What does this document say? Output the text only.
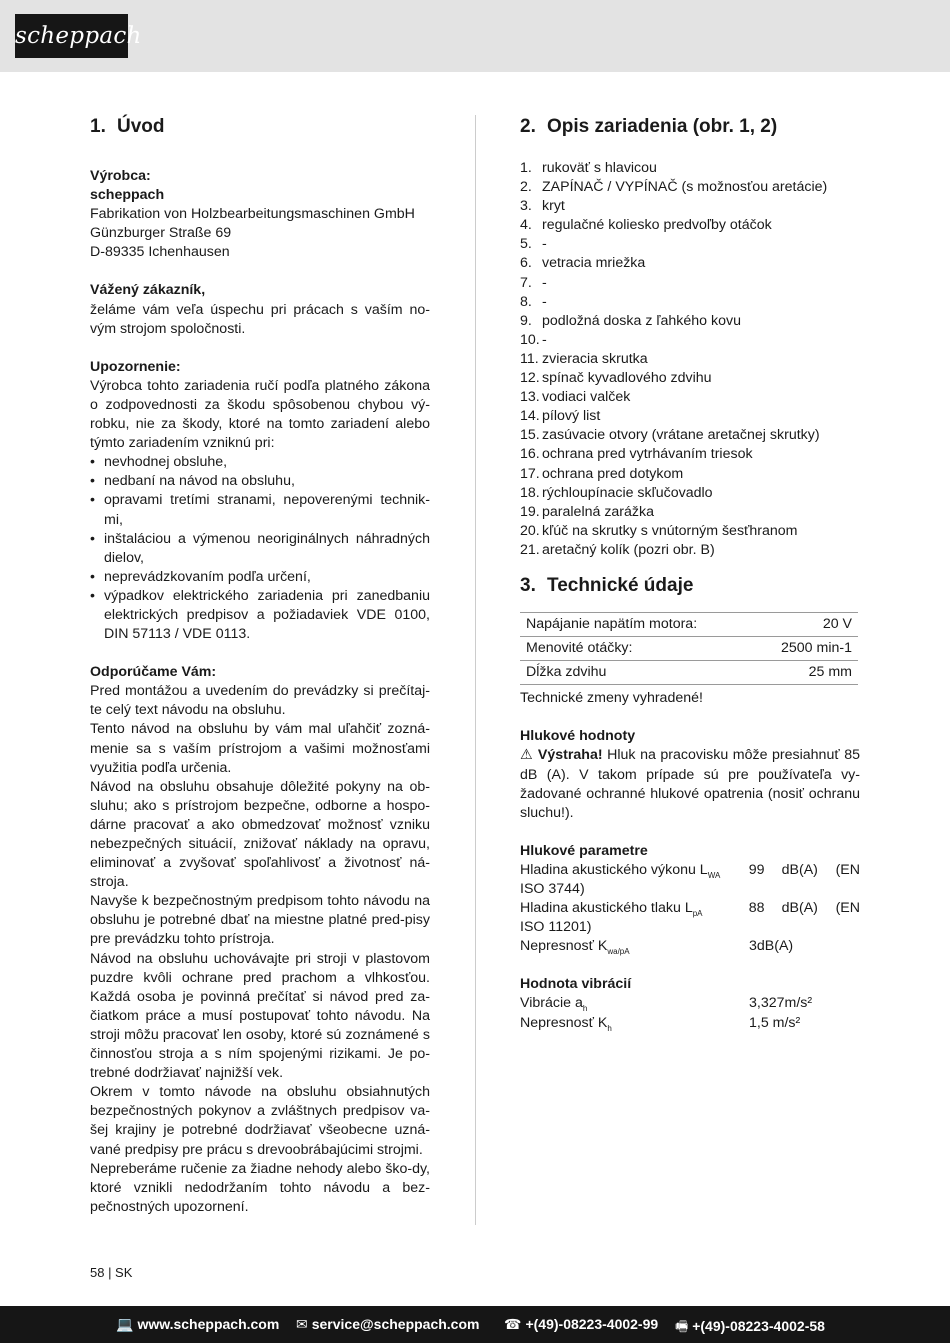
scheppach
1. Úvod

Výrobca:

scheppach

Fabrikation von Holzbearbeitungsmaschinen GmbH

Günzburger Straße 69

D-89335 Ichenhausen

Vážený zákazník,

želáme vám veľa úspechu pri prácach s vaším no-vým strojom spoločnosti.

Upozornenie:

Výrobca tohto zariadenia ručí podľa platného zákona o zodpovednosti za škodu spôsobenou chybou vý-robku, nie za škody, ktoré na tomto zariadení alebo týmto zariadením vzniknú pri:

• nevhodnej obsluhe,
• nedbaní na návod na obsluhu,
• opravami tretími stranami, nepoverenými technik-mi,
• inštaláciou a výmenou neoriginálnych náhradných dielov,
• neprevádzkovaním podľa určení,
• výpadkov elektrického zariadenia pri zanedbaniu elektrických predpisov a požiadaviek VDE 0100, DIN 57113 / VDE 0113.

Odporúčame Vám:

Pred montážou a uvedením do prevádzky si prečítaj-te celý text návodu na obsluhu.

Tento návod na obsluhu by vám mal uľahčiť zozná-menie sa s vaším prístrojom a vašimi možnosťami využitia podľa určenia.

Návod na obsluhu obsahuje dôležité pokyny na ob-sluhu; ako s prístrojom bezpečne, odborne a hospo-dárne pracovať a ako obmedzovať možnosť vzniku nebezpečných situácií, znižovať náklady na opravu, eliminovať a zvyšovať spoľahlivosť a životnosť ná-stroja.

Navyše k bezpečnostným predpisom tohto návodu na obsluhu je potrebné dbať na miestne platné pred-pisy pre prevádzku tohto prístroja.

Návod na obsluhu uchovávajte pri stroji v plastovom puzdre kvôli ochrane pred prachom a vlhkosťou. Každá osoba je povinná prečítať si návod pred za-čiatkom práce a musí postupovať tohto návodu. Na stroji môžu pracovať len osoby, ktoré sú zoznámené s činnosťou stroja a s ním spojenými rizikami. Je po-trebné dodržiavať najnižší vek.

Okrem v tomto návode na obsluhu obsiahnutých bezpečnostných pokynov a zvláštnych predpisov va-šej krajiny je potrebné dodržiavať všeobecne uzná-vané predpisy pre prácu s drevoobrábajúcimi strojmi.

Nepreberáme ručenie za žiadne nehody alebo ško-dy, ktoré vznikli nedodržaním tohto návodu a bez-pečnostných upozornení.

2. Opis zariadenia (obr. 1, 2)
1. rukoväť s hlavicou
2. ZAPÍNAČ / VYPÍNAČ (s možnosťou aretácie)
3. kryt
4. regulačné koliesko predvoľby otáčok
5. -
6. vetracia mriežka
7. -
8. -
9. podložná doska z ľahkého kovu
10. -
11. zvieracia skrutka
12. spínač kyvadlového zdvihu
13. vodiaci valček
14. pílový list
15. zasúvacie otvory (vrátane aretačnej skrutky)
16. ochrana pred vytrhávaním triesok
17. ochrana pred dotykom
18. rýchloupínacie skľučovadlo
19. paralelná zarážka
20. kľúč na skrutky s vnútorným šesťhranom
21. aretačný kolík (pozri obr. B)
3. Technické údaje
Napájanie napätím motora:	20 V
Menovité otáčky:	2500 min-1
Dĺžka zdvihu	25 mm

Technické zmeny vyhradené!

Hlukové hodnoty

⚠ Výstraha! Hluk na pracovisku môže presiahnuť 85 dB (A). V takom prípade sú pre používateľa vy-žadované ochranné hlukové opatrenia (nosiť ochranu sluchu!).

Hlukové parametre

Hladina akustického výkonu $L_{WA}$	99	dB(A)	(EN

ISO 3744)

Hladina akustického tlaku $L_{pA}$	88	dB(A)	(EN

ISO 11201)

Nepresnosť $K_{wa/pA}$	3dB(A)

Hodnota vibrácií

Vibrácie $a_h$	3,327m/s²
Nepresnosť $K_h$	1,5 m/s²
58 | SK
💻 www.scheppach.com ✉ service@scheppach.com ☎ +(49)-08223-4002-99 🖷 +(49)-08223-4002-58
